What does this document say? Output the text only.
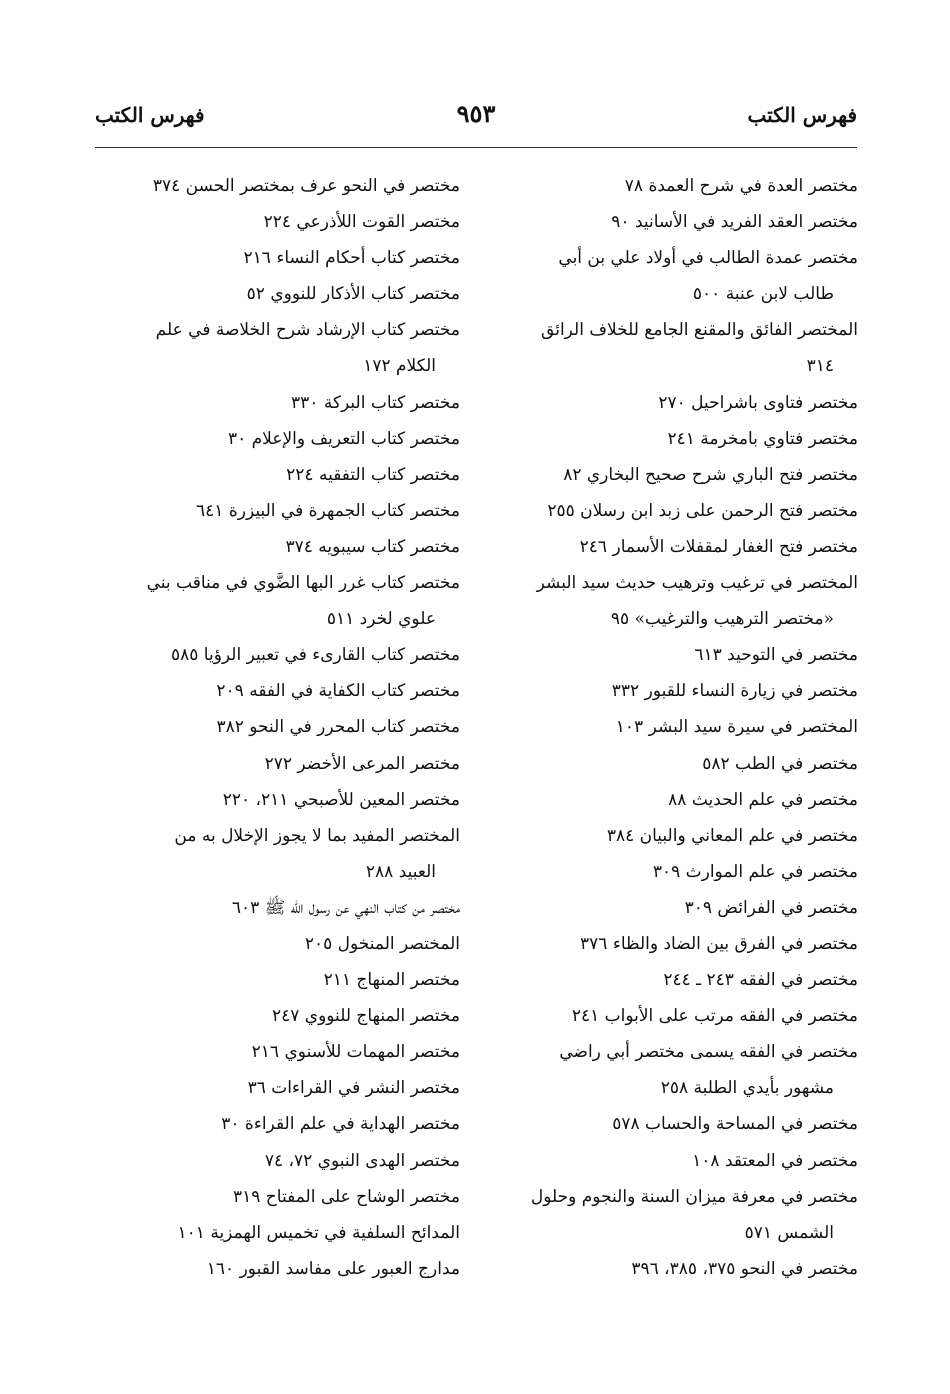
فهرس الكتب
٩٥٣
فهرس الكتب
مختصر العدة في شرح العمدة ٧٨
مختصر العقد الفريد في الأسانيد ٩٠
مختصر عمدة الطالب في أولاد علي بن أبي
طالب لابن عنبة ٥٠٠
المختصر الفائق والمقنع الجامع للخلاف الرائق
٣١٤
مختصر فتاوى باشراحيل ٢٧٠
مختصر فتاوي بامخرمة ٢٤١
مختصر فتح الباري شرح صحيح البخاري ٨٢
مختصر فتح الرحمن على زبد ابن رسلان ٢٥٥
مختصر فتح الغفار لمقفلات الأسمار ٢٤٦
المختصر في ترغيب وترهيب حديث سيد البشر
«مختصر الترهيب والترغيب» ٩٥
مختصر في التوحيد ٦١٣
مختصر في زيارة النساء للقبور ٣٣٢
المختصر في سيرة سيد البشر ١٠٣
مختصر في الطب ٥٨٢
مختصر في علم الحديث ٨٨
مختصر في علم المعاني والبيان ٣٨٤
مختصر في علم الموارث ٣٠٩
مختصر في الفرائض ٣٠٩
مختصر في الفرق بين الضاد والظاء ٣٧٦
مختصر في الفقه ٢٤٣ ـ ٢٤٤
مختصر في الفقه مرتب على الأبواب ٢٤١
مختصر في الفقه يسمى مختصر أبي راضي
مشهور بأيدي الطلبة ٢٥٨
مختصر في المساحة والحساب ٥٧٨
مختصر في المعتقد ١٠٨
مختصر في معرفة ميزان السنة والنجوم وحلول
الشمس ٥٧١
مختصر في النحو ٣٧٥، ٣٨٥، ٣٩٦
مختصر في النحو عرف بمختصر الحسن ٣٧٤
مختصر القوت اللأذرعي ٢٢٤
مختصر كتاب أحكام النساء ٢١٦
مختصر كتاب الأذكار للنووي ٥٢
مختصر كتاب الإرشاد شرح الخلاصة في علم
الكلام ١٧٢
مختصر كتاب البركة ٣٣٠
مختصر كتاب التعريف والإعلام ٣٠
مختصر كتاب التفقيه ٢٢٤
مختصر كتاب الجمهرة في البيزرة ٦٤١
مختصر كتاب سيبويه ٣٧٤
مختصر كتاب غرر البها الضَّوي في مناقب بني
علوي لخرد ٥١١
مختصر كتاب القارىء في تعبير الرؤيا ٥٨٥
مختصر كتاب الكفاية في الفقه ٢٠٩
مختصر كتاب المحرر في النحو ٣٨٢
مختصر المرعى الأخضر ٢٧٢
مختصر المعين للأصبحي ٢١١، ٢٢٠
المختصر المفيد بما لا يجوز الإخلال به من
العبيد ٢٨٨
مختصر من كتاب النهي عن رسول الله ﷺ ٦٠٣
المختصر المنخول ٢٠٥
مختصر المنهاج ٢١١
مختصر المنهاج للنووي ٢٤٧
مختصر المهمات للأسنوي ٢١٦
مختصر النشر في القراءات ٣٦
مختصر الهداية في علم القراءة ٣٠
مختصر الهدى النبوي ٧٢، ٧٤
مختصر الوشاح على المفتاح ٣١٩
المدائح السلفية في تخميس الهمزية ١٠١
مدارج العبور على مفاسد القبور ١٦٠
